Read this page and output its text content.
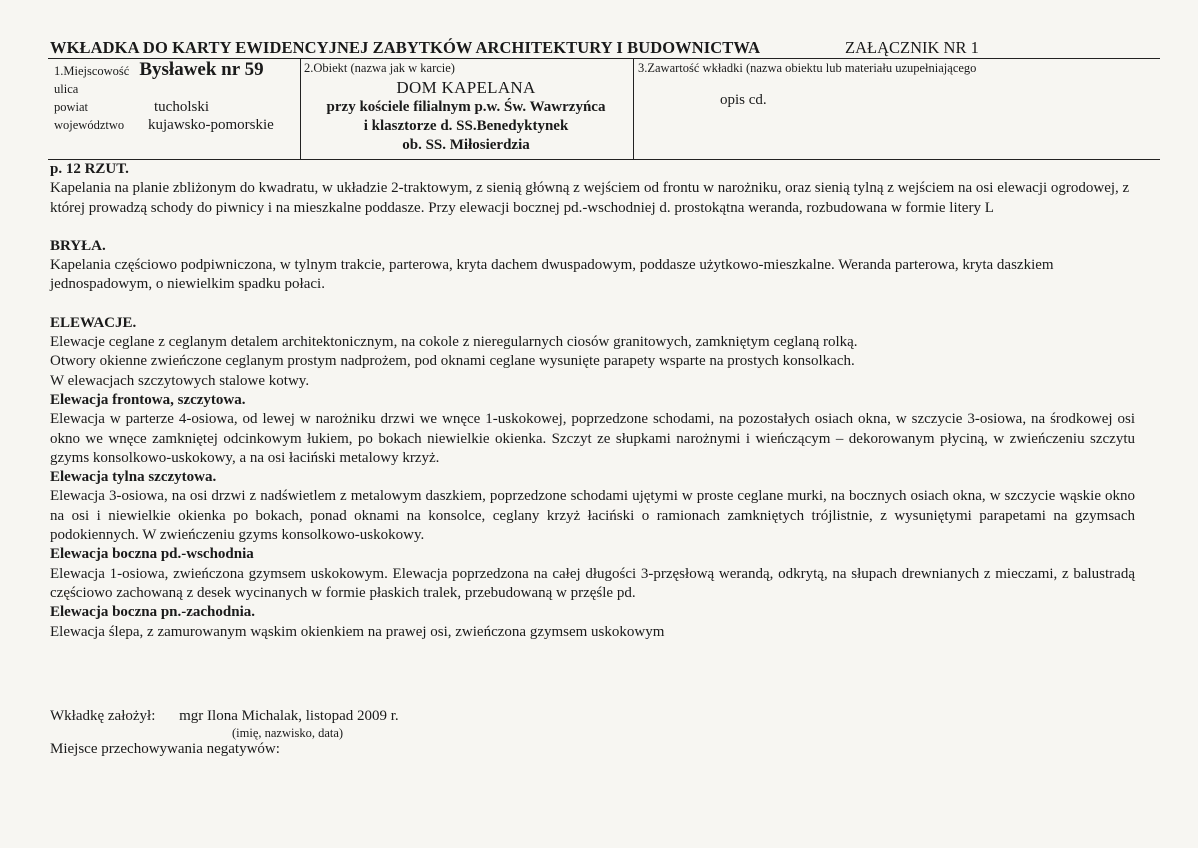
WKŁADKA DO KARTY EWIDENCYJNEJ ZABYTKÓW ARCHITEKTURY I BUDOWNICTWA	ZAŁĄCZNIK NR 1
1.Miejscowość Bysławek nr 59
ulica
powiat	tucholski
województwo	kujawsko-pomorskie
2.Obiekt (nazwa jak w karcie)
DOM KAPELANA
przy kościele filialnym p.w. Św. Wawrzyńca
i klasztorze d. SS.Benedyktynek
ob. SS. Miłosierdzia
3.Zawartość wkładki (nazwa obiektu lub materiału uzupełniającego
opis cd.

p. 12 RZUT.

Kapelania na planie zbliżonym do kwadratu, w układzie 2-traktowym, z sienią główną z wejściem od frontu w narożniku, oraz sienią tylną z wejściem na osi elewacji ogrodowej, z której prowadzą schody do piwnicy i na mieszkalne poddasze. Przy elewacji bocznej pd.-wschodniej d. prostokątna weranda, rozbudowana w formie litery L

BRYŁA.

Kapelania częściowo podpiwniczona, w tylnym trakcie, parterowa, kryta dachem dwuspadowym, poddasze użytkowo-mieszkalne. Weranda parterowa, kryta daszkiem jednospadowym, o niewielkim spadku połaci.

ELEWACJE.

Elewacje ceglane z ceglanym detalem architektonicznym, na cokole z nieregularnych ciosów granitowych, zamkniętym ceglaną rolką.

Otwory okienne zwieńczone ceglanym prostym nadprożem, pod oknami ceglane wysunięte parapety wsparte na prostych konsolkach.

W elewacjach szczytowych stalowe kotwy.

Elewacja frontowa, szczytowa.

Elewacja w parterze 4-osiowa, od lewej w narożniku drzwi we wnęce 1-uskokowej, poprzedzone schodami, na pozostałych osiach okna, w szczycie 3-osiowa, na środkowej osi okno we wnęce zamkniętej odcinkowym łukiem, po bokach niewielkie okienka. Szczyt ze słupkami narożnymi i wieńczącym – dekorowanym płyciną, w zwieńczeniu szczytu gzyms konsolkowo-uskokowy, a na osi łaciński metalowy krzyż.

Elewacja tylna szczytowa.

Elewacja 3-osiowa, na osi drzwi z nadświetlem z metalowym daszkiem, poprzedzone schodami ujętymi w proste ceglane murki, na bocznych osiach okna, w szczycie wąskie okno na osi i niewielkie okienka po bokach, ponad oknami na konsolce, ceglany krzyż łaciński o ramionach zamkniętych trójlistnie, z wysuniętymi parapetami na gzymsach podokiennych. W zwieńczeniu gzyms konsolkowo-uskokowy.

Elewacja boczna pd.-wschodnia

Elewacja 1-osiowa, zwieńczona gzymsem uskokowym. Elewacja poprzedzona na całej długości 3-przęsłową werandą, odkrytą, na słupach drewnianych z mieczami, z balustradą częściowo zachowaną z desek wycinanych w formie płaskich tralek, przebudowaną w przęśle pd.

Elewacja boczna pn.-zachodnia.

Elewacja ślepa, z zamurowanym wąskim okienkiem na prawej osi, zwieńczona gzymsem uskokowym

Wkładkę założył: mgr Ilona Michalak, listopad 2009 r.
(imię, nazwisko, data)
Miejsce przechowywania negatywów:
